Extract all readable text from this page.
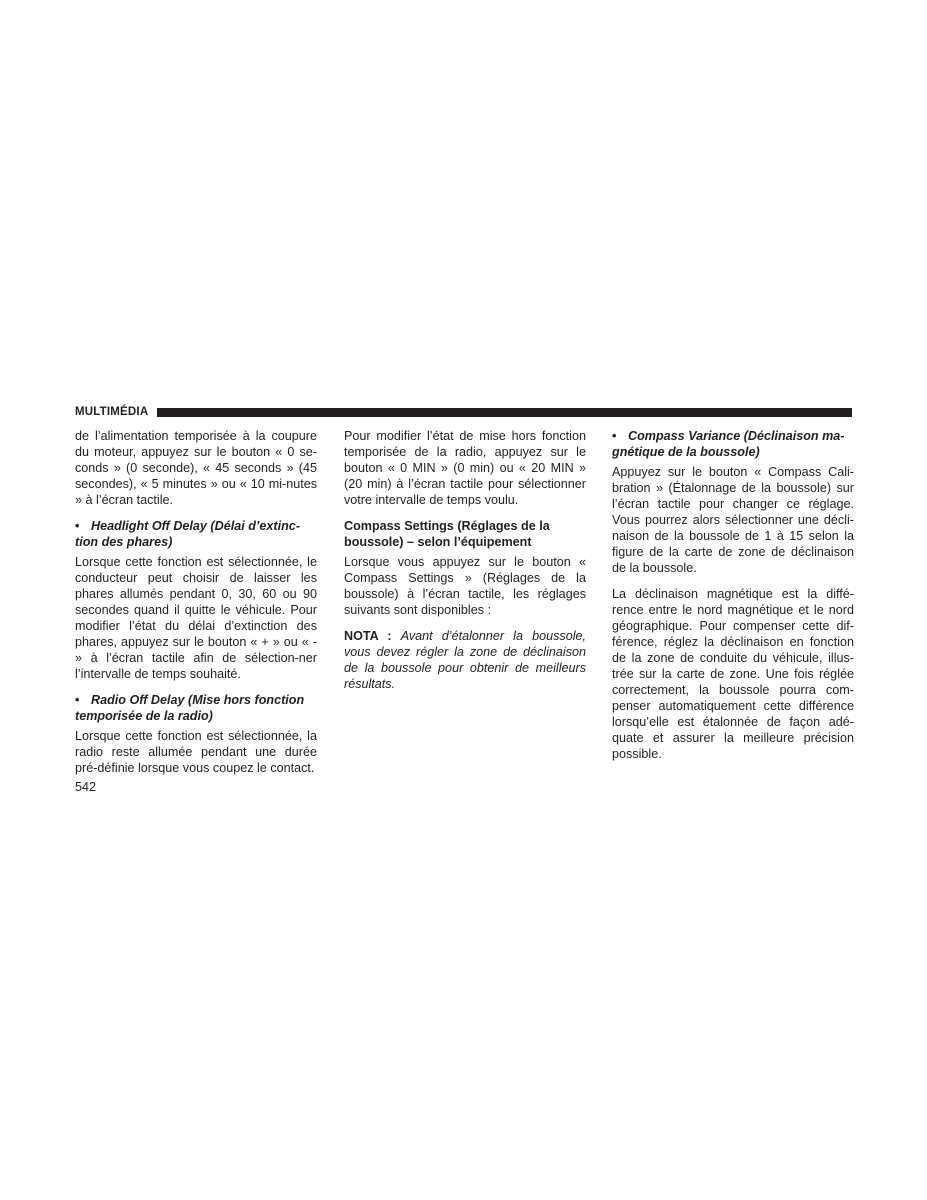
MULTIMÉDIA

de l’alimentation temporisée à la coupure du moteur, appuyez sur le bouton « 0 se-conds » (0 seconde), « 45 seconds » (45 secondes), « 5 minutes » ou « 10 mi-nutes » à l’écran tactile.

• Headlight Off Delay (Délai d’extinc-tion des phares)

Lorsque cette fonction est sélectionnée, le conducteur peut choisir de laisser les phares allumés pendant 0, 30, 60 ou 90 secondes quand il quitte le véhicule. Pour modifier l’état du délai d’extinction des phares, appuyez sur le bouton « + » ou « - » à l’écran tactile afin de sélection-ner l’intervalle de temps souhaité.

• Radio Off Delay (Mise hors fonction temporisée de la radio)

Lorsque cette fonction est sélectionnée, la radio reste allumée pendant une durée pré-définie lorsque vous coupez le contact.

Pour modifier l’état de mise hors fonction temporisée de la radio, appuyez sur le bouton « 0 MIN » (0 min) ou « 20 MIN » (20 min) à l’écran tactile pour sélectionner votre intervalle de temps voulu.

Compass Settings (Réglages de la boussole) – selon l’équipement

Lorsque vous appuyez sur le bouton « Compass Settings » (Réglages de la boussole) à l’écran tactile, les réglages suivants sont disponibles :

NOTA : Avant d’étalonner la boussole, vous devez régler la zone de déclinaison de la boussole pour obtenir de meilleurs résultats.

• Compass Variance (Déclinaison ma-gnétique de la boussole)

Appuyez sur le bouton « Compass Cali-bration » (Étalonnage de la boussole) sur l’écran tactile pour changer ce réglage. Vous pourrez alors sélectionner une décli-naison de la boussole de 1 à 15 selon la figure de la carte de zone de déclinaison de la boussole.

La déclinaison magnétique est la diffé-rence entre le nord magnétique et le nord géographique. Pour compenser cette dif-férence, réglez la déclinaison en fonction de la zone de conduite du véhicule, illus-trée sur la carte de zone. Une fois réglée correctement, la boussole pourra com-penser automatiquement cette différence lorsqu’elle est étalonnée de façon adé-quate et assurer la meilleure précision possible.

542
